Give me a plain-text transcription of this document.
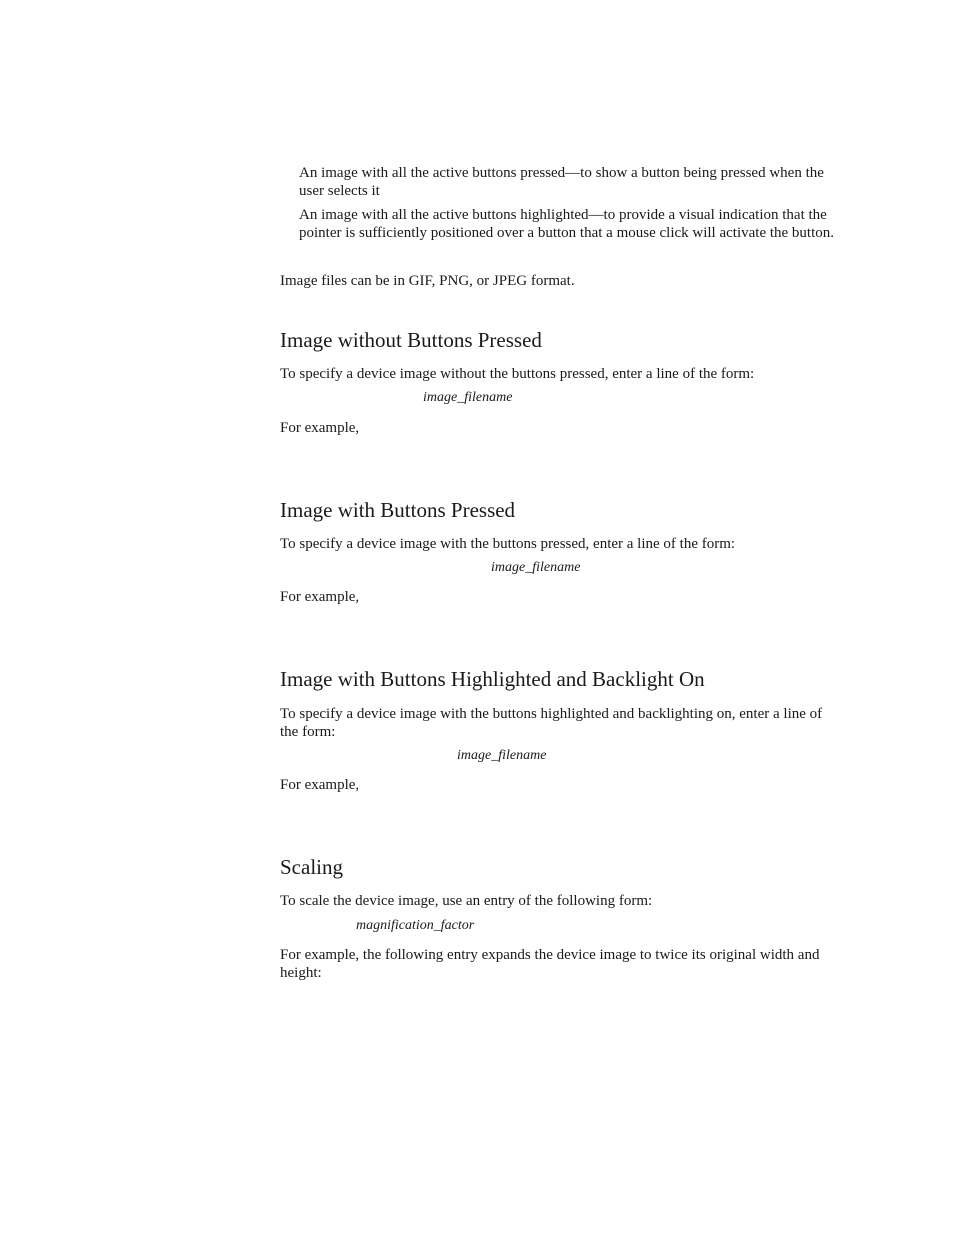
An image with all the active buttons pressed—to show a button being pressed when the user selects it

An image with all the active buttons highlighted—to provide a visual indication that the pointer is sufficiently positioned over a button that a mouse click will activate the button.

Image files can be in GIF, PNG, or JPEG format.

Image without Buttons Pressed

To specify a device image without the buttons pressed, enter a line of the form:

image_filename

For example,

Image with Buttons Pressed

To specify a device image with the buttons pressed, enter a line of the form:

image_filename

For example,

Image with Buttons Highlighted and Backlight On

To specify a device image with the buttons highlighted and backlighting on, enter a line of the form:

image_filename

For example,

Scaling

To scale the device image, use an entry of the following form:

magnification_factor

For example, the following entry expands the device image to twice its original width and height:
